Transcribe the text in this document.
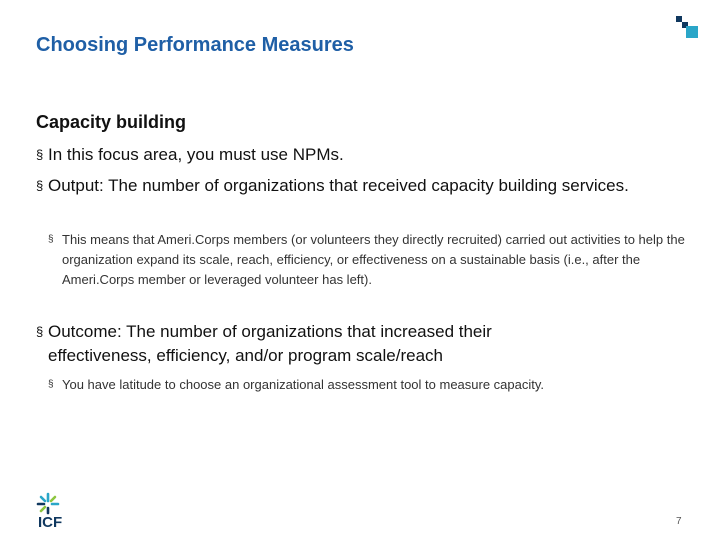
Choosing Performance Measures
Capacity building
§ In this focus area, you must use NPMs.
§ Output: The number of organizations that received capacity building services.
§ This means that Ameri.Corps members (or volunteers they directly recruited) carried out activities to help the organization expand its scale, reach, efficiency, or effectiveness on a sustainable basis (i.e., after the Ameri.Corps member or leveraged volunteer has left).
§ Outcome: The number of organizations that increased their effectiveness, efficiency, and/or program scale/reach
§ You have latitude to choose an organizational assessment tool to measure capacity.
ICF	7
